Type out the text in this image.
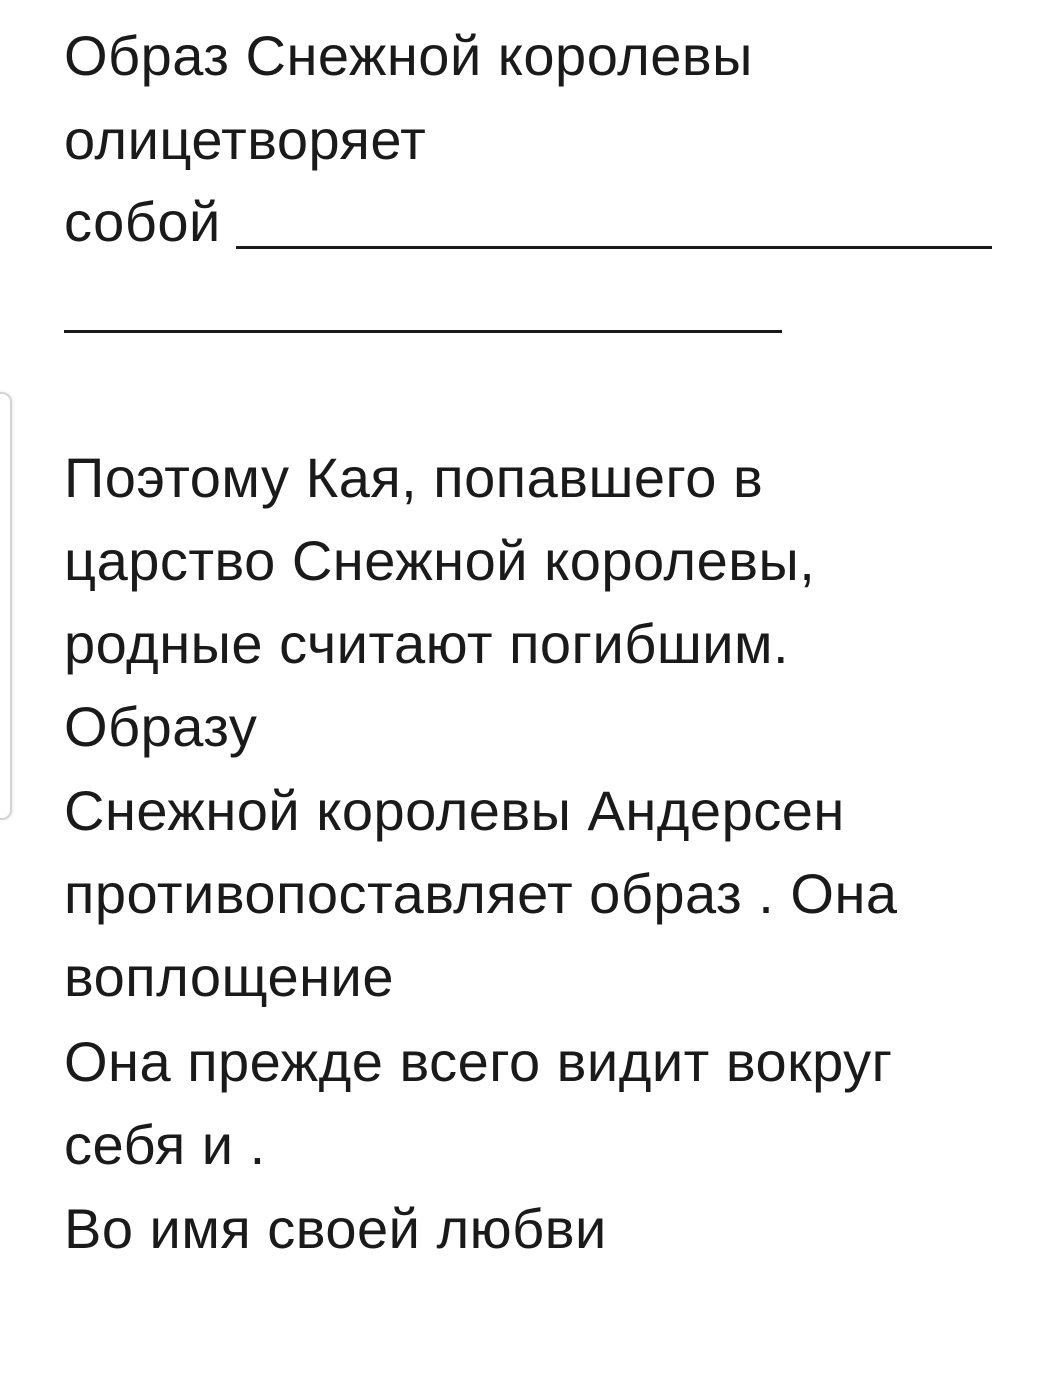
Образ Снежной королевы
олицетворяет
собой
Поэтому Кая, попавшего в
царство Снежной королевы,
родные считают погибшим.
Образу
Снежной королевы Андерсен
противопоставляет образ . Она
воплощение
Она прежде всего видит вокруг
себя и .
Во имя своей любви
